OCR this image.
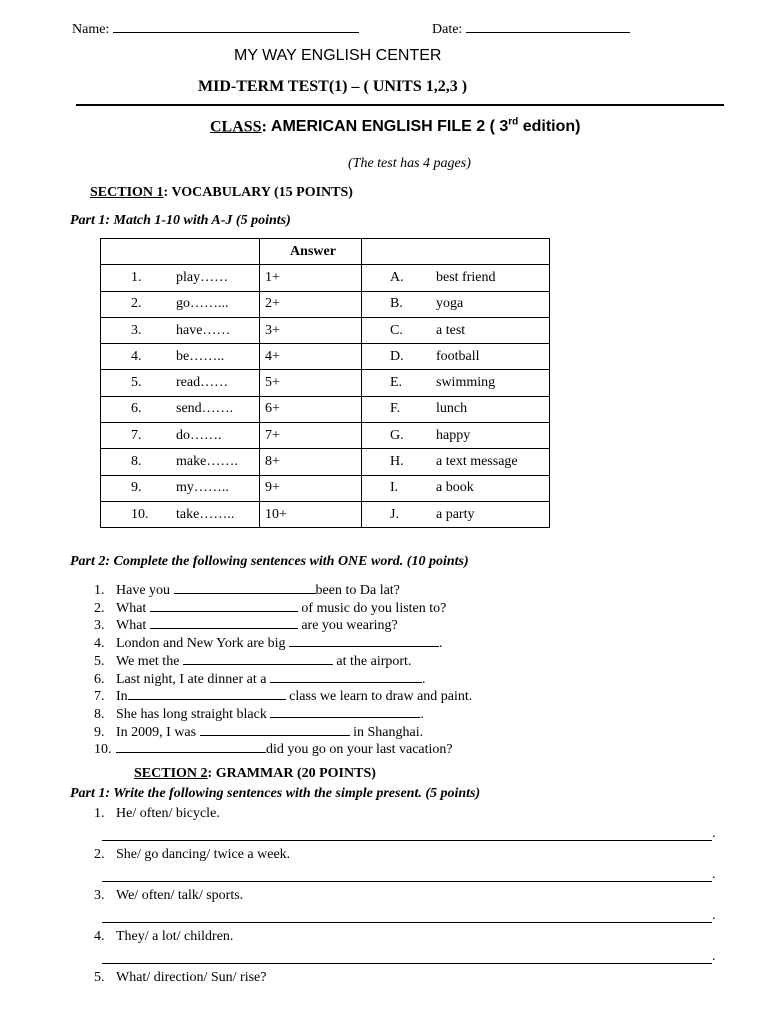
Name:	Date:
MY WAY ENGLISH CENTER
MID-TERM TEST(1) – ( UNITS 1,2,3 )
CLASS: AMERICAN ENGLISH FILE 2 ( 3rd edition)
(The test has 4 pages)
SECTION 1: VOCABULARY (15 POINTS)
Part 1: Match 1-10 with A-J (5 points)
	Answer	
1. play……	1+	A. best friend
2. go……...	2+	B. yoga
3. have……	3+	C. a test
4. be……..	4+	D. football
5. read……	5+	E. swimming
6. send…….	6+	F. lunch
7. do…….	7+	G. happy
8. make…….	8+	H. a text message
9. my……..	9+	I. a book
10. take……..	10+	J. a party
Part 2: Complete the following sentences with ONE word. (10 points)
1. Have you	been to Da lat?
2. What	of music do you listen to?
3. What	are you wearing?
4. London and New York are big	.
5. We met the	at the airport.
6. Last night, I ate dinner at a	.
7. In	class we learn to draw and paint.
8. She has long straight black	.
9. In 2009, I was	in Shanghai.
10.	did you go on your last vacation?
SECTION 2: GRAMMAR (20 POINTS)
Part 1: Write the following sentences with the simple present. (5 points)
1. He/ often/ bicycle.
.
2. She/ go dancing/ twice a week.
.
3. We/ often/ talk/ sports.
.
4. They/ a lot/ children.
.
5. What/ direction/ Sun/ rise?
